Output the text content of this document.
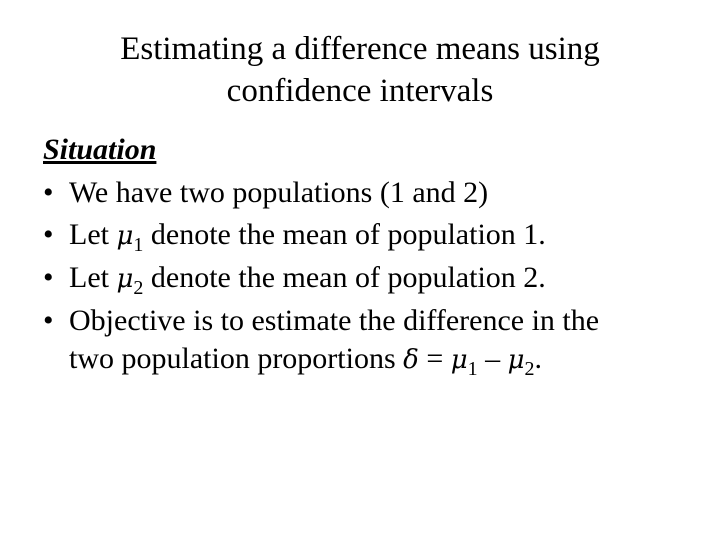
Estimating a difference means using
confidence intervals
Situation
• We have two populations (1 and 2)
• Let $\mu_1$ denote the mean of population 1.
• Let $\mu_2$ denote the mean of population 2.
• Objective is to estimate the difference in the
two population proportions $\delta = \mu_1 - \mu_2$.
